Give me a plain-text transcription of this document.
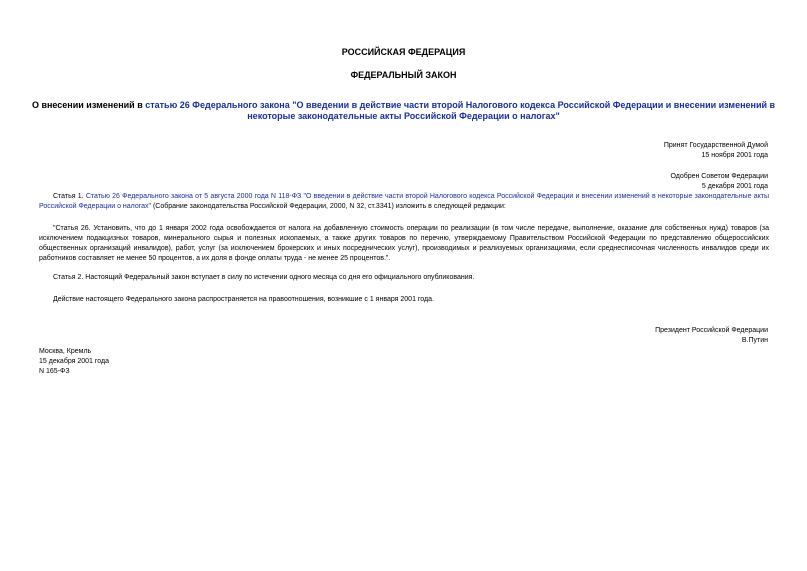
РОССИЙСКАЯ ФЕДЕРАЦИЯ
ФЕДЕРАЛЬНЫЙ ЗАКОН
О внесении изменений в статью 26 Федерального закона "О введении в действие части второй Налогового кодекса Российской Федерации и внесении изменений в некоторые законодательные акты Российской Федерации о налогах"
Принят Государственной Думой
15 ноября 2001 года
Одобрен Советом Федерации
5 декабря 2001 года
Статья 1. Статью 26 Федерального закона от 5 августа 2000 года N 118-ФЗ "О введении в действие части второй Налогового кодекса Российской Федерации и внесении изменений в некоторые законодательные акты Российской Федерации о налогах" (Собрание законодательства Российской Федерации, 2000, N 32, ст.3341) изложить в следующей редакции:
"Статья 26. Установить, что до 1 января 2002 года освобождается от налога на добавленную стоимость операции по реализации (в том числе передаче, выполнение, оказание для собственных нужд) товаров (за исключением подакцизных товаров, минерального сырья и полезных ископаемых, а также других товаров по перечню, утверждаемому Правительством Российской Федерации по представлению общероссийских общественных организаций инвалидов), работ, услуг (за исключением брокерских и иных посреднических услуг), производимых и реализуемых организациями, если среднесписочная численность инвалидов среди их работников составляет не менее 50 процентов, а их доля в фонде оплаты труда - не менее 25 процентов.".
Статья 2. Настоящий Федеральный закон вступает в силу по истечении одного месяца со дня его официального опубликования.
Действие настоящего Федерального закона распространяется на правоотношения, возникшие с 1 января 2001 года.
Президент Российской Федерации
В.Путин
Москва, Кремль
15 декабря 2001 года
N 165-ФЗ
